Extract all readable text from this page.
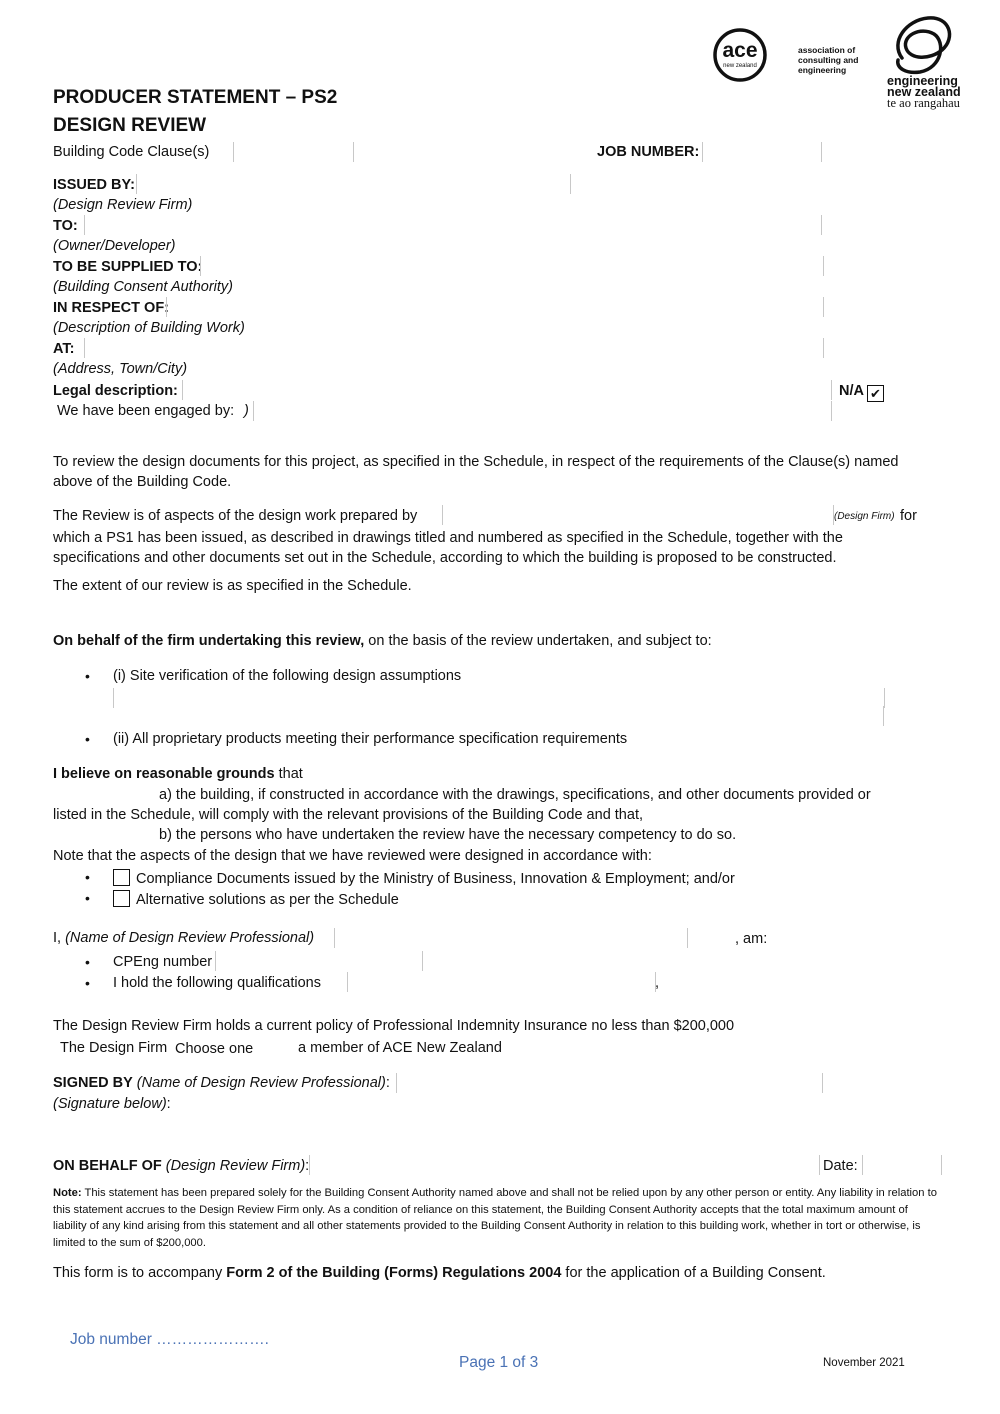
ace
new zealand
association of
consulting and
engineering
engineering
new zealand
te ao rangahau
PRODUCER STATEMENT – PS2
DESIGN REVIEW
Building Code Clause(s)	JOB NUMBER:
ISSUED BY:
(Design Review Firm)
TO:
(Owner/Developer)
TO BE SUPPLIED TO:
(Building Consent Authority)
IN RESPECT OF:
(Description of Building Work)
AT:
(Address, Town/City)
Legal description:	N/A ✔
We have been engaged by: )
To review the design documents for this project, as specified in the Schedule, in respect of the requirements of the Clause(s) named above of the Building Code.
The Review is of aspects of the design work prepared by	(Design Firm) for
which a PS1 has been issued, as described in drawings titled and numbered as specified in the Schedule, together with the specifications and other documents set out in the Schedule, according to which the building is proposed to be constructed.
The extent of our review is as specified in the Schedule.
On behalf of the firm undertaking this review, on the basis of the review undertaken, and subject to:
• (i) Site verification of the following design assumptions
• (ii) All proprietary products meeting their performance specification requirements
I believe on reasonable grounds that
a) the building, if constructed in accordance with the drawings, specifications, and other documents provided or
listed in the Schedule, will comply with the relevant provisions of the Building Code and that,
b) the persons who have undertaken the review have the necessary competency to do so.
Note that the aspects of the design that we have reviewed were designed in accordance with:
•	Compliance Documents issued by the Ministry of Business, Innovation & Employment; and/or
•	Alternative solutions as per the Schedule
I, (Name of Design Review Professional)	, am:
• CPEng number
• I hold the following qualifications	,
The Design Review Firm holds a current policy of Professional Indemnity Insurance no less than $200,000
The Design Firm Choose one	a member of ACE New Zealand
SIGNED BY (Name of Design Review Professional):
(Signature below):
ON BEHALF OF (Design Review Firm):	Date:
Note: This statement has been prepared solely for the Building Consent Authority named above and shall not be relied upon by any other person or entity. Any liability in relation to this statement accrues to the Design Review Firm only. As a condition of reliance on this statement, the Building Consent Authority accepts that the total maximum amount of liability of any kind arising from this statement and all other statements provided to the Building Consent Authority in relation to this building work, whether in tort or otherwise, is limited to the sum of $200,000.
This form is to accompany Form 2 of the Building (Forms) Regulations 2004 for the application of a Building Consent.
Job number ………………….
Page 1 of 3	November 2021
